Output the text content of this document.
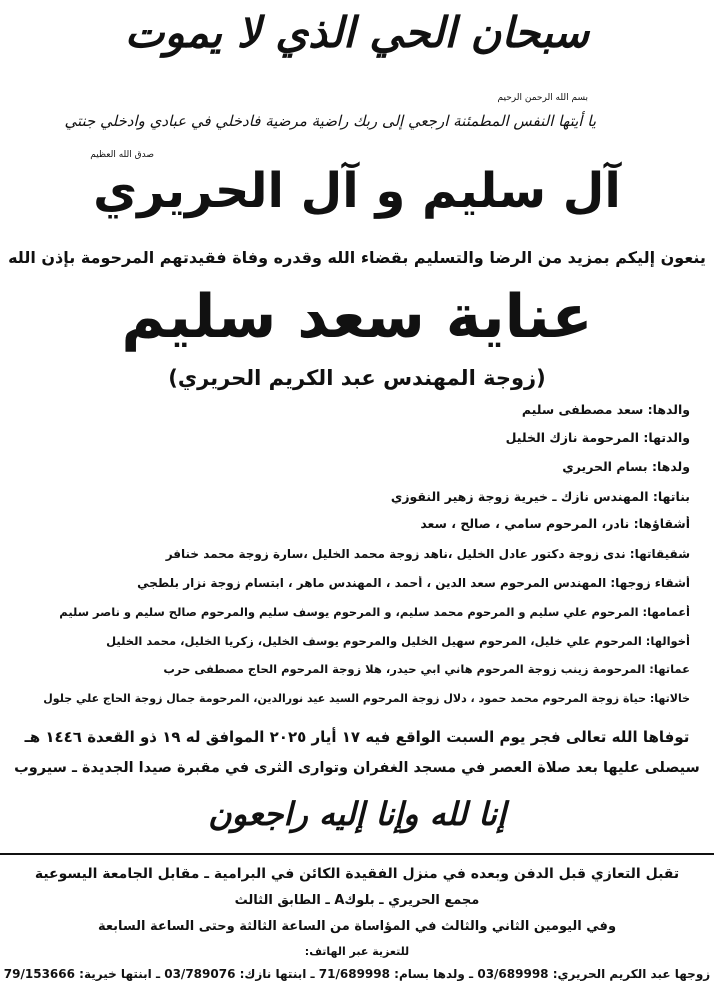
سبحان الحي الذي لا يموت
بسم الله الرحمن الرحيم
يا أيتها النفس المطمئنة ارجعي إلى ربك راضية مرضية فادخلي في عبادي وادخلي جنتي
صدق الله العظيم
آل سليم و آل الحريري
ينعون إليكم بمزيد من الرضا والتسليم بقضاء الله وقدره وفاة فقيدتهم المرحومة بإذن الله
عناية سعد سليم
(زوجة المهندس عبد الكريم الحريري)
والدها: سعد مصطفى سليم
والدتها: المرحومة نازك الخليل
ولدها: بسام الحريري
بناتها: المهندس نازك ـ خيرية زوجة زهير النقوزي
أشقاؤها: نادر، المرحوم سامي ، صالح ، سعد
شقيقاتها: ندى زوجة دكتور عادل الخليل ،ناهد زوجة محمد الخليل ،سارة زوجة محمد خنافر
أشقاء زوجها: المهندس المرحوم سعد الدين ، أحمد ، المهندس ماهر ، ابتسام زوجة نزار بلطجي
أعمامها: المرحوم علي سليم و المرحوم محمد سليم، و المرحوم يوسف سليم والمرحوم صالح سليم و ناصر سليم
أخوالها: المرحوم علي خليل، المرحوم سهيل الخليل والمرحوم يوسف الخليل، زكريا الخليل، محمد الخليل
عماتها: المرحومة زينب زوجة المرحوم هاني ابي حيدر، هلا زوجة المرحوم الحاج مصطفى حرب
خالاتها: حياة زوجة المرحوم محمد حمود ، دلال زوجة المرحوم السيد عيد نورالدين، المرحومة جمال زوجة الحاج علي جلول
توفاها الله تعالى فجر يوم السبت الواقع فيه ١٧ أيار ٢٠٢٥ الموافق له ١٩ ذو القعدة ١٤٤٦ هـ
سيصلى عليها بعد صلاة العصر في مسجد الغفران وتوارى الثرى في مقبرة صيدا الجديدة ـ سيروب
إنا لله وإنا إليه راجعون
تقبل التعازي قبل الدفن وبعده في منزل الفقيدة الكائن في البرامية ـ مقابل الجامعة اليسوعية
مجمع الحريري ـ بلوكA ـ الطابق الثالث
وفي اليومين الثاني والثالث في المؤاساة من الساعة الثالثة وحتى الساعة السابعة
للتعزية عبر الهاتف:
زوجها عبد الكريم الحريري: 03/689998 ـ ولدها بسام: 71/689998 ـ ابنتها نازك: 03/789076 ـ ابنتها خيرية: 79/153666
